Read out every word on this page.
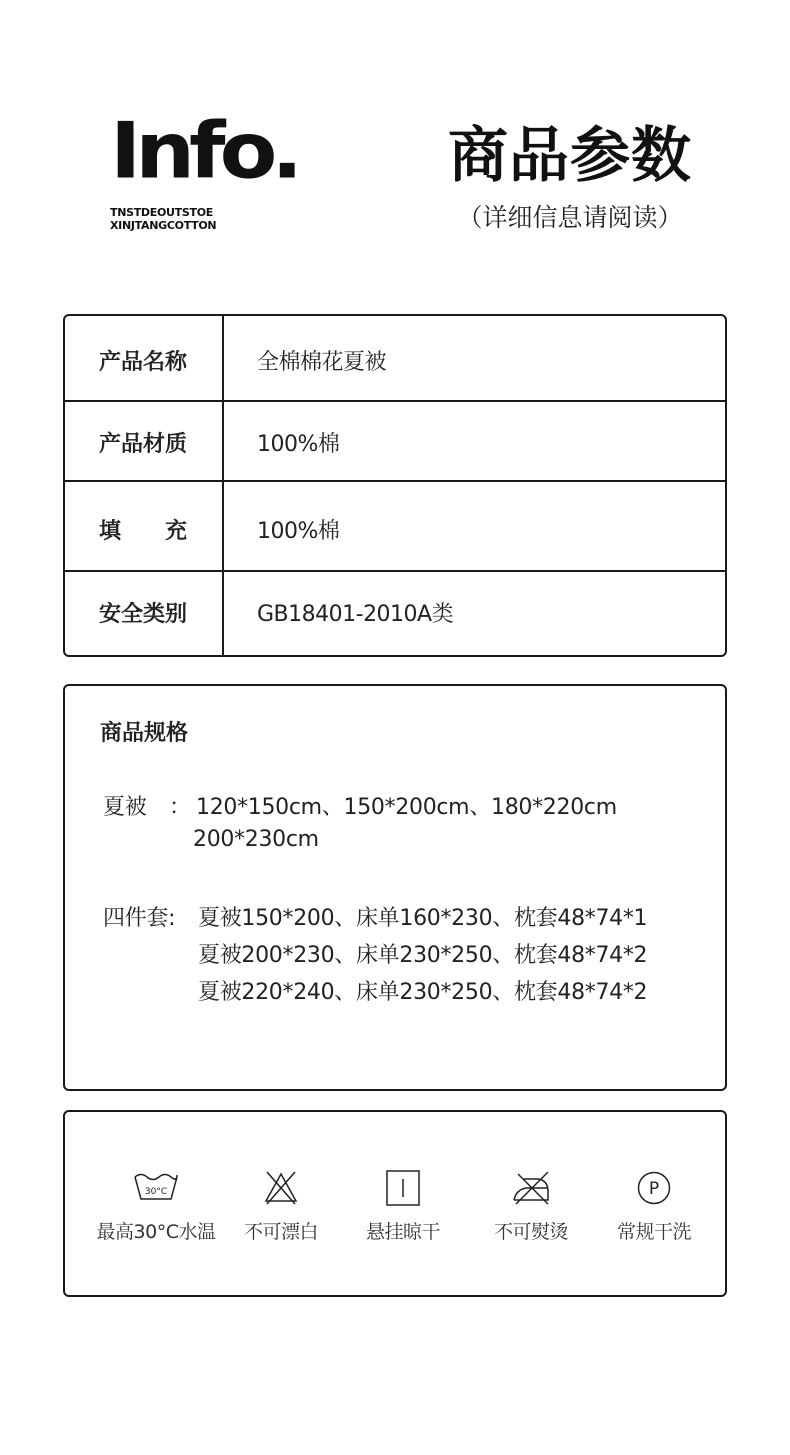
Info.
TNSTDEOUTSTOE
XINJTANGCOTTON
商品参数
（详细信息请阅读）
产品名称	全棉棉花夏被
产品材质	100%棉
填 充	100%棉
安全类别	GB18401-2010A类
商品规格
夏被 ： 120*150cm、150*200cm、180*220cm
200*230cm
四件套: 夏被150*200、床单160*230、枕套48*74*1
夏被200*230、床单230*250、枕套48*74*2
夏被220*240、床单230*250、枕套48*74*2
30°C
最高30°C水温	不可漂白	悬挂晾干	不可熨烫
P
常规干洗
